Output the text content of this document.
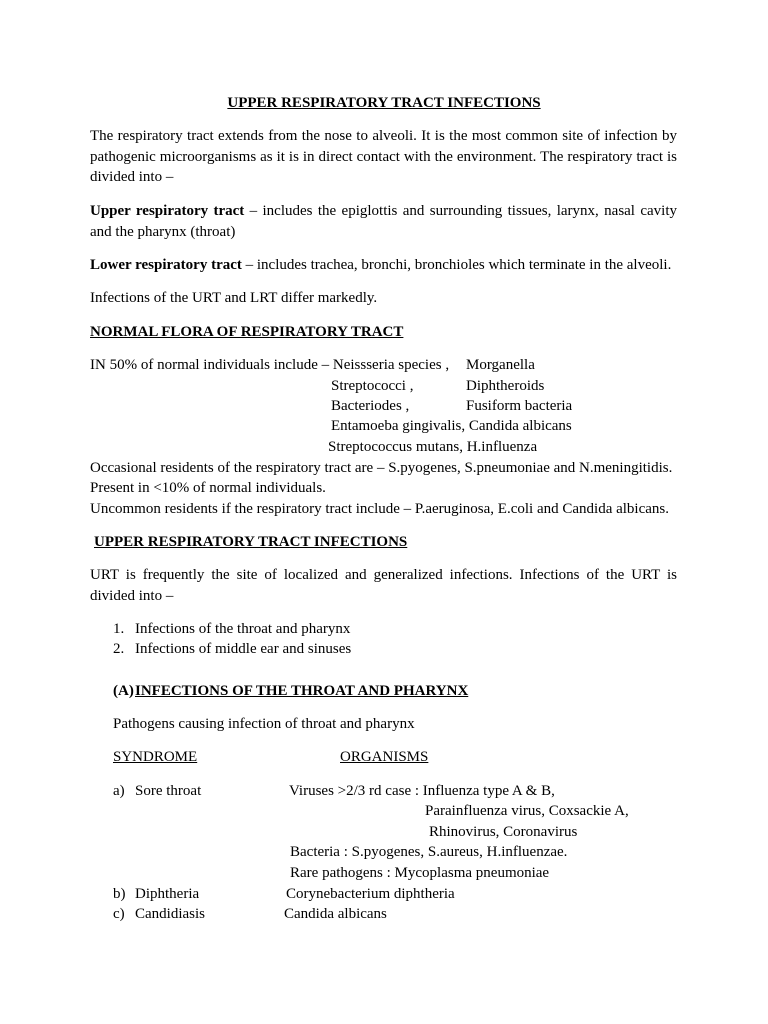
UPPER RESPIRATORY TRACT INFECTIONS
The respiratory tract extends from the nose to alveoli. It is the most common site of infection by pathogenic microorganisms as it is in direct contact with the environment. The respiratory tract is divided into –
Upper respiratory tract – includes the epiglottis and surrounding tissues, larynx, nasal cavity and the pharynx (throat)
Lower respiratory tract – includes trachea, bronchi, bronchioles which terminate in the alveoli.
Infections of the URT and LRT differ markedly.
NORMAL FLORA OF RESPIRATORY TRACT
IN 50% of normal individuals include – Neissseria species , Morganella
Streptococci ,	Diphtheroids
Bacteriodes ,	Fusiform bacteria
Entamoeba gingivalis, Candida albicans
Streptococcus mutans, H.influenza
Occasional residents of the respiratory tract are – S.pyogenes, S.pneumoniae and N.meningitidis.
Present in <10% of normal individuals.
Uncommon residents if the respiratory tract include – P.aeruginosa, E.coli and Candida albicans.
UPPER RESPIRATORY TRACT INFECTIONS
URT is frequently the site of localized and generalized infections. Infections of the URT is divided into –
1. Infections of the throat and pharynx
2. Infections of middle ear and sinuses
(A) INFECTIONS OF THE THROAT AND PHARYNX
Pathogens causing infection of throat and pharynx
SYNDROME	ORGANISMS
a) Sore throat	Viruses >2/3 rd case : Influenza type A & B,
Parainfluenza virus, Coxsackie A,
Rhinovirus, Coronavirus
Bacteria : S.pyogenes, S.aureus, H.influenzae.
Rare pathogens : Mycoplasma pneumoniae
b) Diphtheria	Corynebacterium diphtheria
c) Candidiasis	Candida albicans
